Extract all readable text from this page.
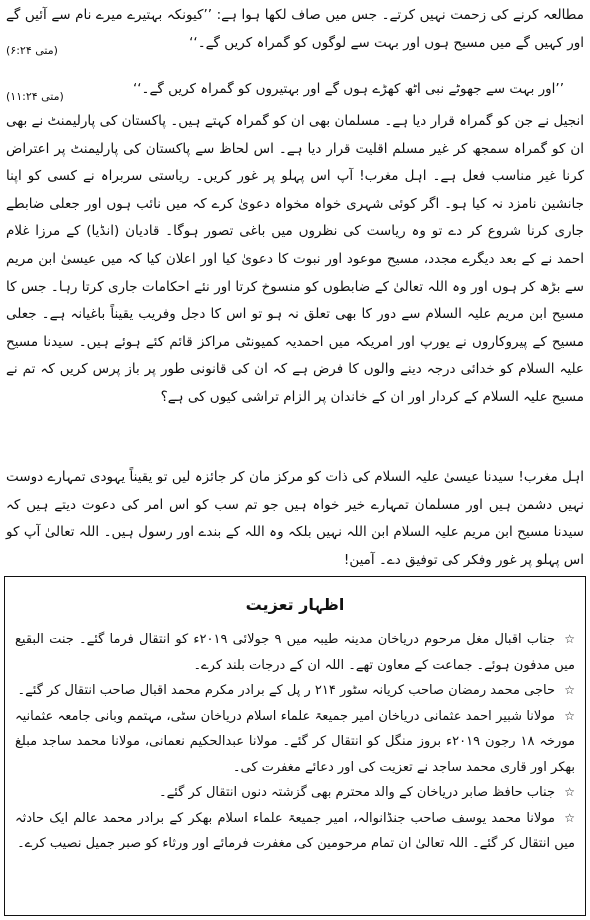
مطالعہ کرنے کی زحمت نہیں کرتے۔ جس میں صاف لکھا ہوا ہے: ’’کیونکہ بہتیرے میرے نام سے آئیں گے اور کہیں گے میں مسیح ہوں اور بہت سے لوگوں کو گمراہ کریں گے۔‘‘
(متی ۶:۲۴)

(متی ۱۱:۲۴)	’’اور بہت سے جھوٹے نبی اٹھ کھڑے ہوں گے اور بہتیروں کو گمراہ کریں گے۔‘‘

انجیل نے جن کو گمراہ قرار دیا ہے۔ مسلمان بھی ان کو گمراہ کہتے ہیں۔ پاکستان کی پارلیمنٹ نے بھی ان کو گمراہ سمجھ کر غیر مسلم اقلیت قرار دیا ہے۔ اس لحاظ سے پاکستان کی پارلیمنٹ پر اعتراض کرنا غیر مناسب فعل ہے۔ اہل مغرب! آپ اس پہلو پر غور کریں۔ ریاستی سربراہ نے کسی کو اپنا جانشین نامزد نہ کیا ہو۔ اگر کوئی شہری خواہ مخواہ دعویٰ کرے کہ میں نائب ہوں اور جعلی ضابطے جاری کرنا شروع کر دے تو وہ ریاست کی نظروں میں باغی تصور ہوگا۔ قادیان (انڈیا) کے مرزا غلام احمد نے کے بعد دیگرے مجدد، مسیح موعود اور نبوت کا دعویٰ کیا اور اعلان کیا کہ میں عیسیٰ ابن مریم سے بڑھ کر ہوں اور وہ اللہ تعالیٰ کے ضابطوں کو منسوخ کرتا اور نئے احکامات جاری کرتا رہا۔ جس کا مسیح ابن مریم علیہ السلام سے دور کا بھی تعلق نہ ہو تو اس کا دجل وفریب یقیناً باغیانہ ہے۔ جعلی مسیح کے پیروکاروں نے یورپ اور امریکہ میں احمدیہ کمیونٹی مراکز قائم کئے ہوئے ہیں۔ سیدنا مسیح علیہ السلام کو خدائی درجہ دینے والوں کا فرض ہے کہ ان کی قانونی طور پر باز پرس کریں کہ تم نے مسیح علیہ السلام کے کردار اور ان کے خاندان پر الزام تراشی کیوں کی ہے؟

اہل مغرب! سیدنا عیسیٰ علیہ السلام کی ذات کو مرکز مان کر جائزہ لیں تو یقیناً یہودی تمہارے دوست نہیں دشمن ہیں اور مسلمان تمہارے خیر خواہ ہیں جو تم سب کو اس امر کی دعوت دیتے ہیں کہ سیدنا مسیح ابن مریم علیہ السلام ابن اللہ نہیں بلکہ وہ اللہ کے بندے اور رسول ہیں۔ اللہ تعالیٰ آپ کو اس پہلو پر غور وفکر کی توفیق دے۔ آمین!

اظہار تعزیت

☆جناب اقبال مغل مرحوم دریاخان مدینہ طیبہ میں ۹ جولائی ۲۰۱۹ء کو انتقال فرما گئے۔ جنت البقیع میں مدفون ہوئے۔ جماعت کے معاون تھے۔ اللہ ان کے درجات بلند کرے۔
☆حاجی محمد رمضان صاحب کریانہ سٹور ۲۱۴ ر پل کے برادر مکرم محمد اقبال صاحب انتقال کر گئے۔
☆مولانا شبیر احمد عثمانی دریاخان امیر جمیعۃ علماء اسلام دریاخان سٹی، مہتمم وبانی جامعہ عثمانیہ مورخہ ۱۸ رجون ۲۰۱۹ء بروز منگل کو انتقال کر گئے۔ مولانا عبدالحکیم نعمانی، مولانا محمد ساجد مبلغ بھکر اور قاری محمد ساجد نے تعزیت کی اور دعائے مغفرت کی۔
☆جناب حافظ صابر دریاخان کے والد محترم بھی گزشتہ دنوں انتقال کر گئے۔
☆مولانا محمد یوسف صاحب جنڈانوالہ، امیر جمیعۃ علماء اسلام بھکر کے برادر محمد عالم ایک حادثہ میں انتقال کر گئے۔ اللہ تعالیٰ ان تمام مرحومین کی مغفرت فرمائے اور ورثاء کو صبر جمیل نصیب کرے۔
